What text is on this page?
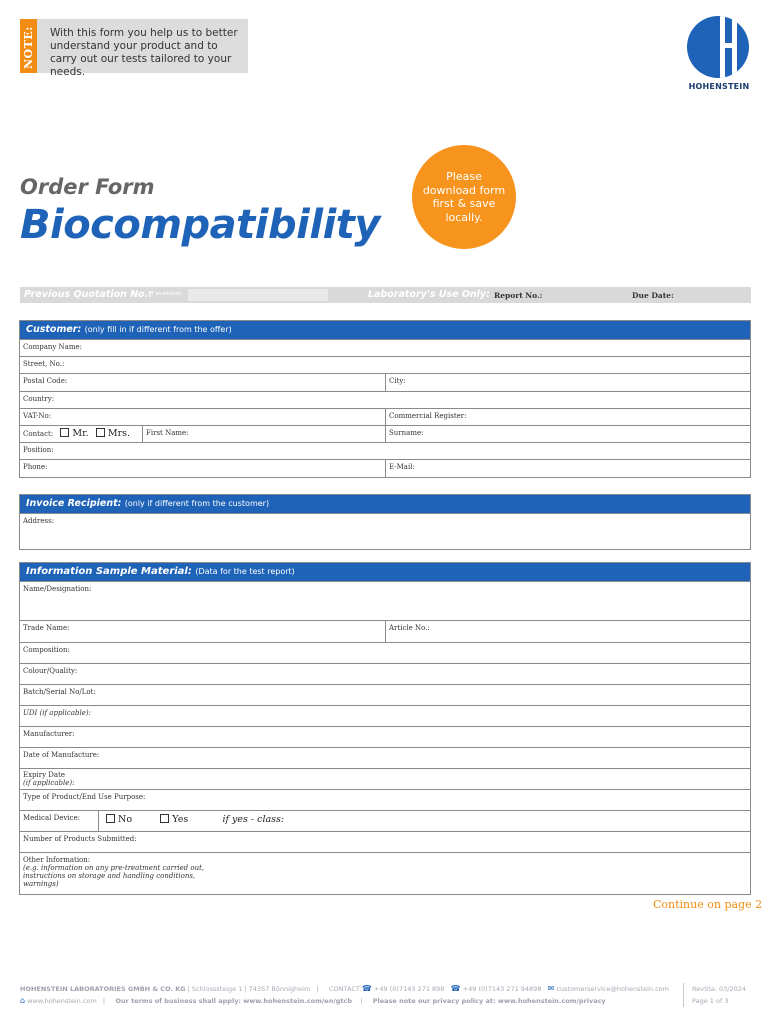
NOTE: With this form you help us to better understand your product and to carry out our tests tailored to your needs.
HOHENSTEIN
Order Form
Biocompatibility
Please download form first & save locally.
Previous Quotation No.:
(if available)	Laboratory's Use Only: Report No.:	Due Date:
Customer: (only fill in if different from the offer)
Company Name:
Street, No.:
Postal Code:	City:
Country:
VAT-No:	Commercial Register:
Contact: Mr. Mrs.	First Name:	Surname:
Position:
Phone:	E-Mail:
Invoice Recipient: (only if different from the customer)
Address:
Information Sample Material: (Data for the test report)
Name/Designation:
Trade Name:	Article No.:
Composition:
Colour/Quality:
Batch/Serial No/Lot:
UDI (if applicable):
Manufacturer:
Date of Manufacture:
Expiry Date
(if applicable):
Type of Product/End Use Purpose:
Medical Device:	No	Yes	if yes - class:
Number of Products Submitted:
Other Information:
(e.g. information on any pre-treatment carried out,
instructions on storage and handling conditions,
warnings)
Continue on page 2
HOHENSTEIN LABORATORIES GMBH & CO. KG | Schlosssteige 1 | 74357 Bönnigheim   |     CONTACT ☎ +49 (0)7143 271 898 ☎ +49 (0)7143 271 94898 ✉ customerservice@hohenstein.com
⌂ www.hohenstein.com   |     Our terms of business shall apply: www.hohenstein.com/en/gtcb    |     Please note our privacy policy at: www.hohenstein.com/privacy
RevSta: 03/2024
Page 1 of 3
